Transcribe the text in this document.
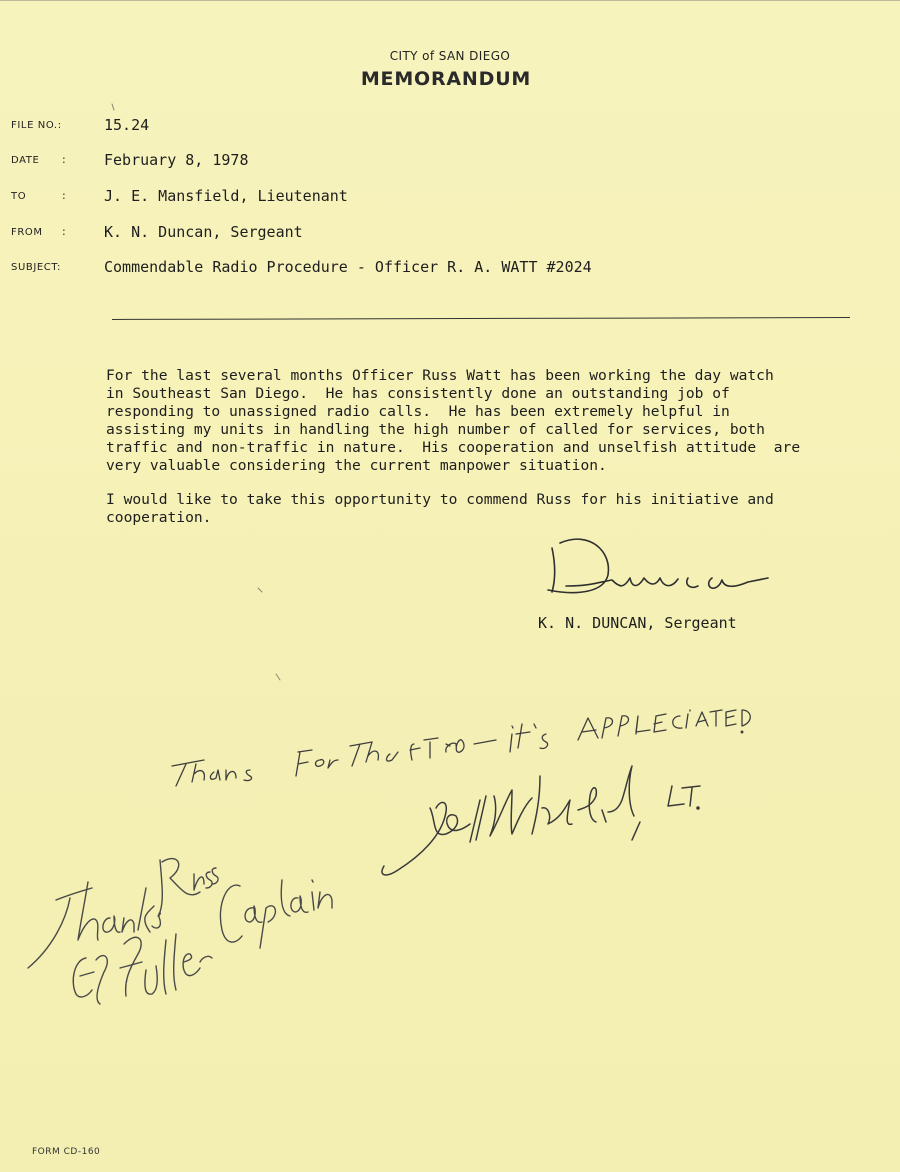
CITY of SAN DIEGO
MEMORANDUM
FILE NO.:	15.24
DATE	:	February 8, 1978
TO	:	J. E. Mansfield, Lieutenant
FROM	:	K. N. Duncan, Sergeant
SUBJECT:	Commendable Radio Procedure - Officer R. A. WATT #2024

For the last several months Officer Russ Watt has been working the day watch
in Southeast San Diego.  He has consistently done an outstanding job of
responding to unassigned radio calls.  He has been extremely helpful in
assisting my units in handling the high number of called for services, both
traffic and non-traffic in nature.  His cooperation and unselfish attitude  are
very valuable considering the current manpower situation.

I would like to take this opportunity to commend Russ for his initiative and
cooperation.

K. N. DUNCAN, Sergeant
FORM CD-160
